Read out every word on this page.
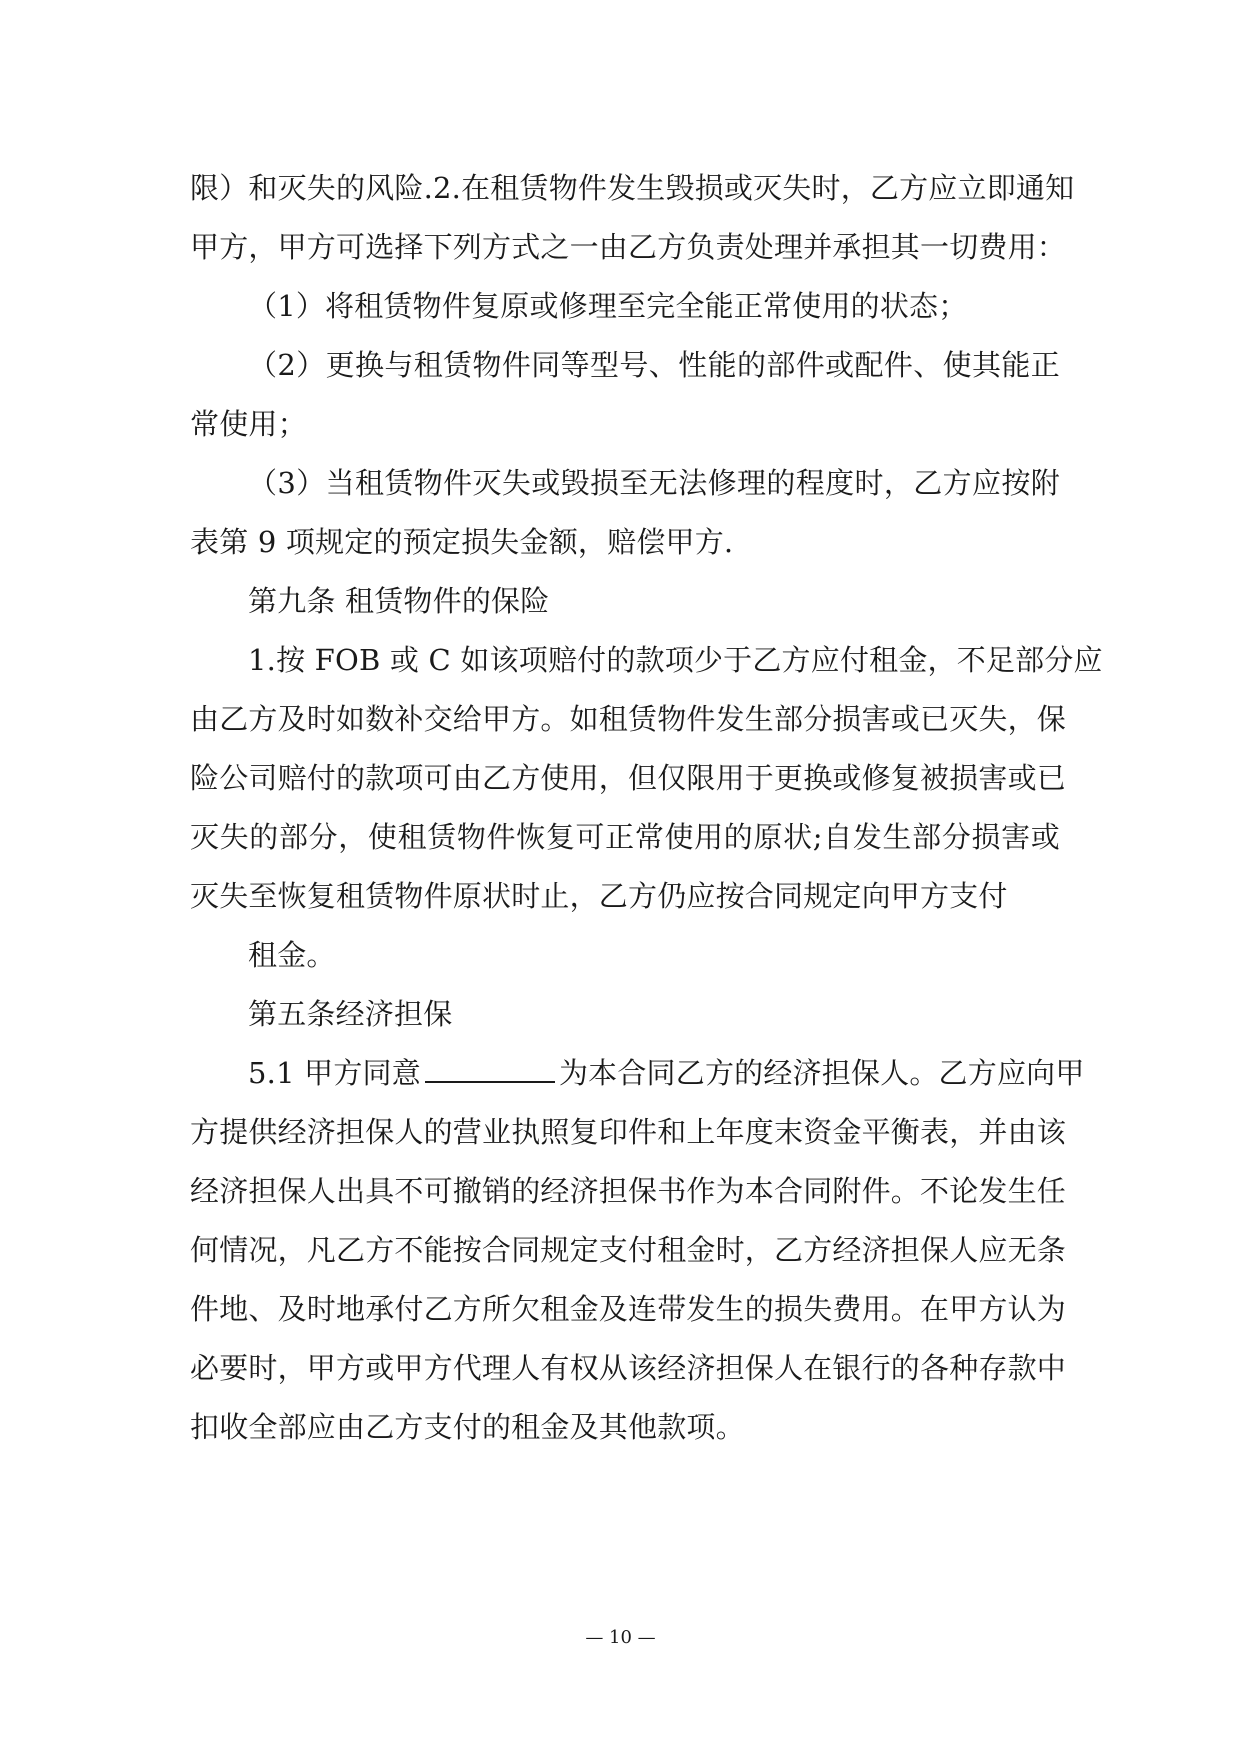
限）和灭失的风险.2.在租赁物件发生毁损或灭失时，乙方应立即通知
甲方，甲方可选择下列方式之一由乙方负责处理并承担其一切费用：
（1）将租赁物件复原或修理至完全能正常使用的状态；
（2）更换与租赁物件同等型号、性能的部件或配件、使其能正
常使用；
（3）当租赁物件灭失或毁损至无法修理的程度时，乙方应按附
表第 9 项规定的预定损失金额，赔偿甲方.
第九条 租赁物件的保险
1.按 FOB 或 C 如该项赔付的款项少于乙方应付租金，不足部分应
由乙方及时如数补交给甲方。如租赁物件发生部分损害或已灭失，保
险公司赔付的款项可由乙方使用，但仅限用于更换或修复被损害或已
灭失的部分，使租赁物件恢复可正常使用的原状;自发生部分损害或
灭失至恢复租赁物件原状时止，乙方仍应按合同规定向甲方支付
租金。
第五条经济担保
5.1 甲方同意	为本合同乙方的经济担保人。乙方应向甲
方提供经济担保人的营业执照复印件和上年度末资金平衡表，并由该
经济担保人出具不可撤销的经济担保书作为本合同附件。不论发生任
何情况，凡乙方不能按合同规定支付租金时，乙方经济担保人应无条
件地、及时地承付乙方所欠租金及连带发生的损失费用。在甲方认为
必要时，甲方或甲方代理人有权从该经济担保人在银行的各种存款中
扣收全部应由乙方支付的租金及其他款项。
— 10 —
